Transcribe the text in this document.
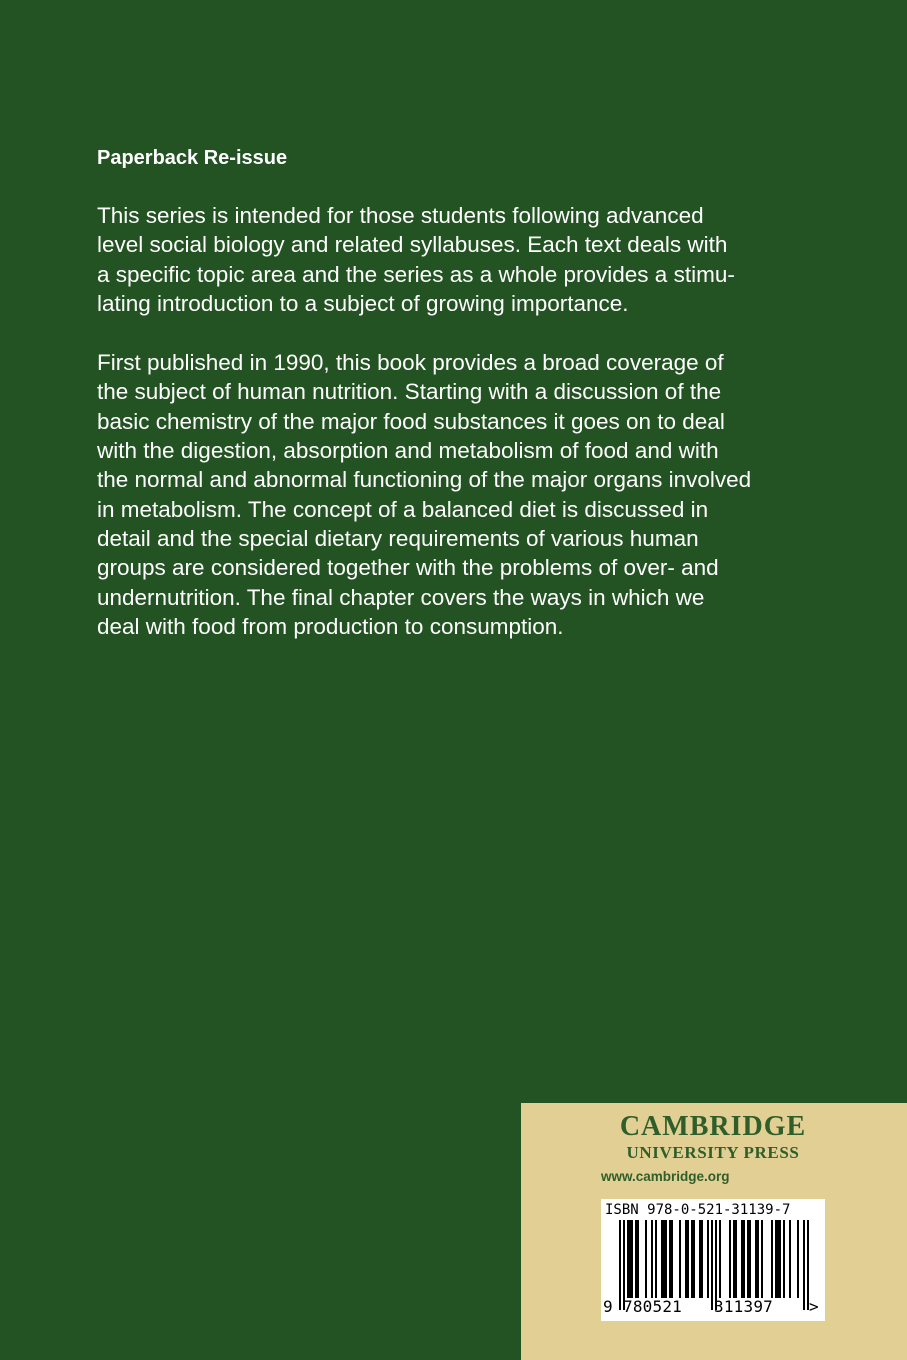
Paperback Re-issue
This series is intended for those students following advanced
level social biology and related syllabuses. Each text deals with
a specific topic area and the series as a whole provides a stimu-
lating introduction to a subject of growing importance.
First published in 1990, this book provides a broad coverage of
the subject of human nutrition. Starting with a discussion of the
basic chemistry of the major food substances it goes on to deal
with the digestion, absorption and metabolism of food and with
the normal and abnormal functioning of the major organs involved
in metabolism. The concept of a balanced diet is discussed in
detail and the special dietary requirements of various human
groups are considered together with the problems of over- and
undernutrition. The final chapter covers the ways in which we
deal with food from production to consumption.
CAMBRIDGE
UNIVERSITY PRESS
www.cambridge.org
ISBN 978-0-521-31139-7
9 780521 311397 >
